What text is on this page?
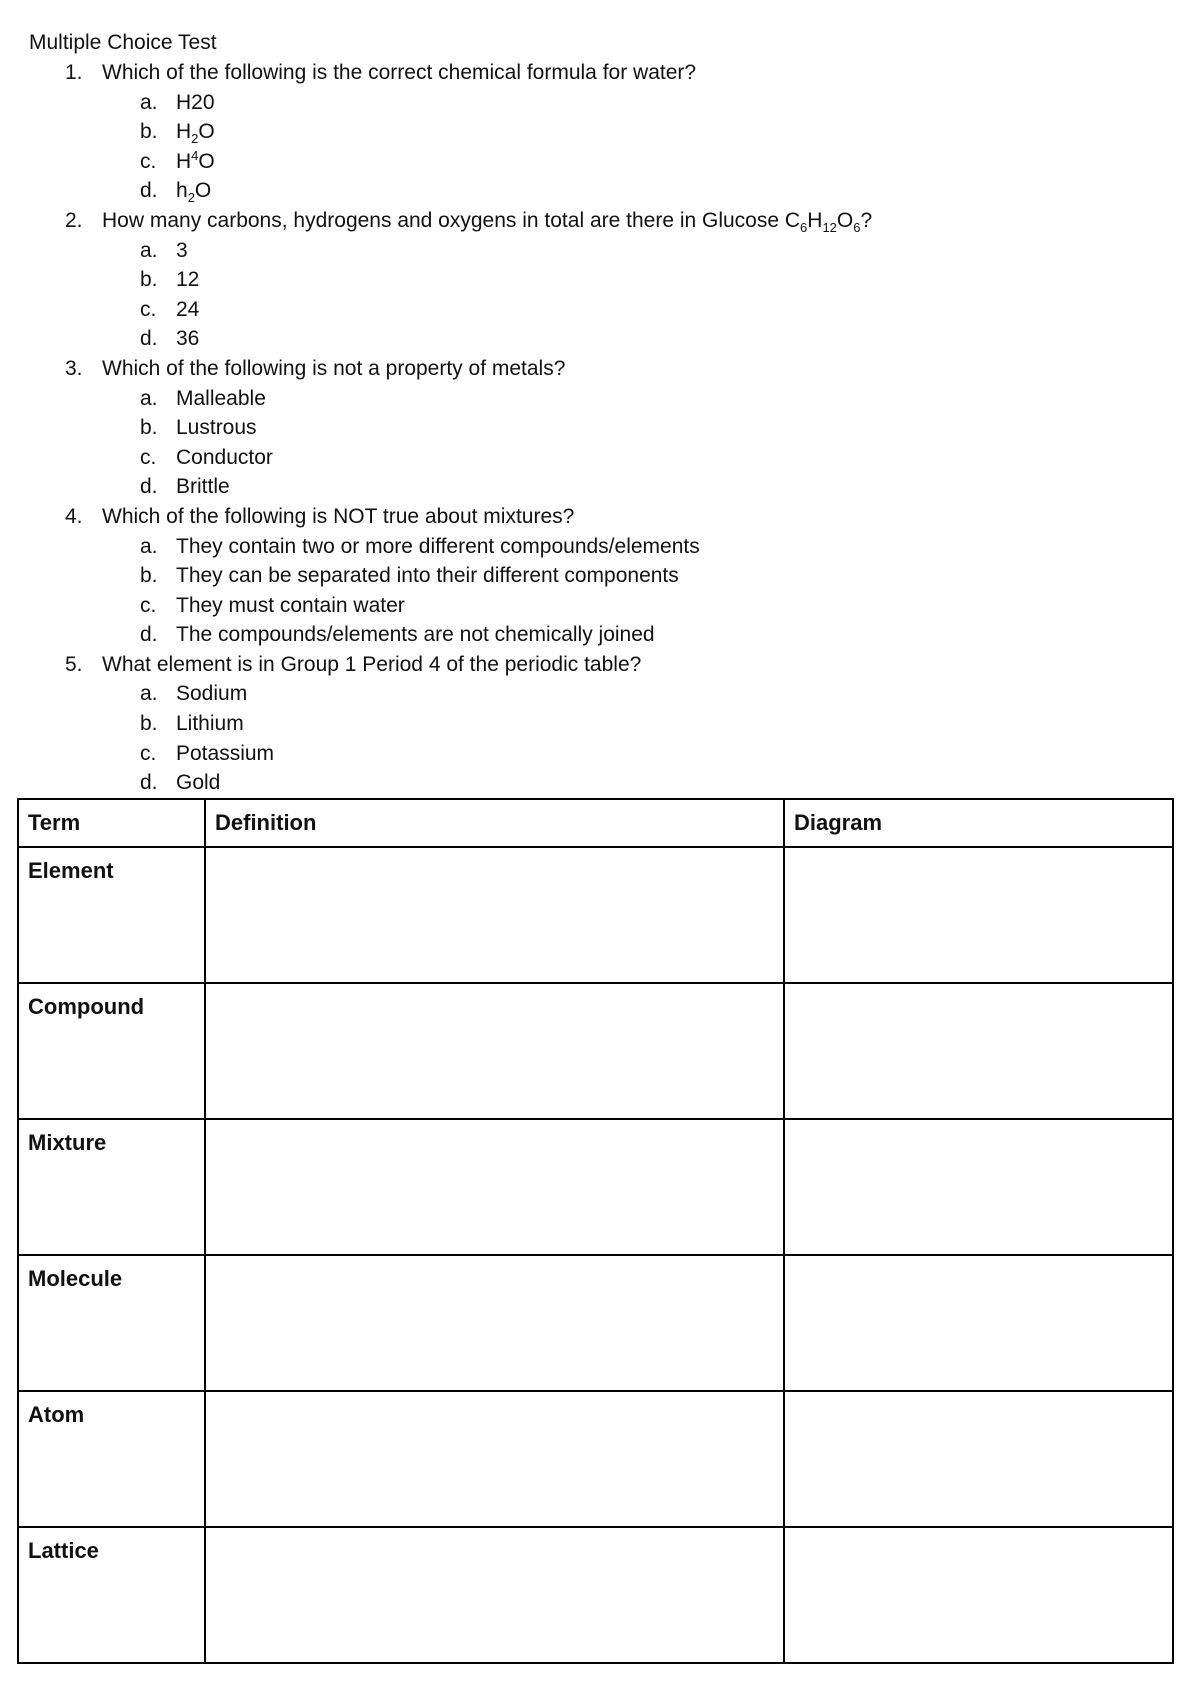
Multiple Choice Test
1. Which of the following is the correct chemical formula for water?
a. H20
b. $H_2O$
c. $H^4O$
d. $h_2O$
2. How many carbons, hydrogens and oxygens in total are there in Glucose $C_6H_{12}O_6$?
a. 3
b. 12
c. 24
d. 36
3. Which of the following is not a property of metals?
a. Malleable
b. Lustrous
c. Conductor
d. Brittle
4. Which of the following is NOT true about mixtures?
a. They contain two or more different compounds/elements
b. They can be separated into their different components
c. They must contain water
d. The compounds/elements are not chemically joined
5. What element is in Group 1 Period 4 of the periodic table?
a. Sodium
b. Lithium
c. Potassium
d. Gold
Term	Definition	Diagram
Element		
Compound		
Mixture		
Molecule		
Atom		
Lattice		
